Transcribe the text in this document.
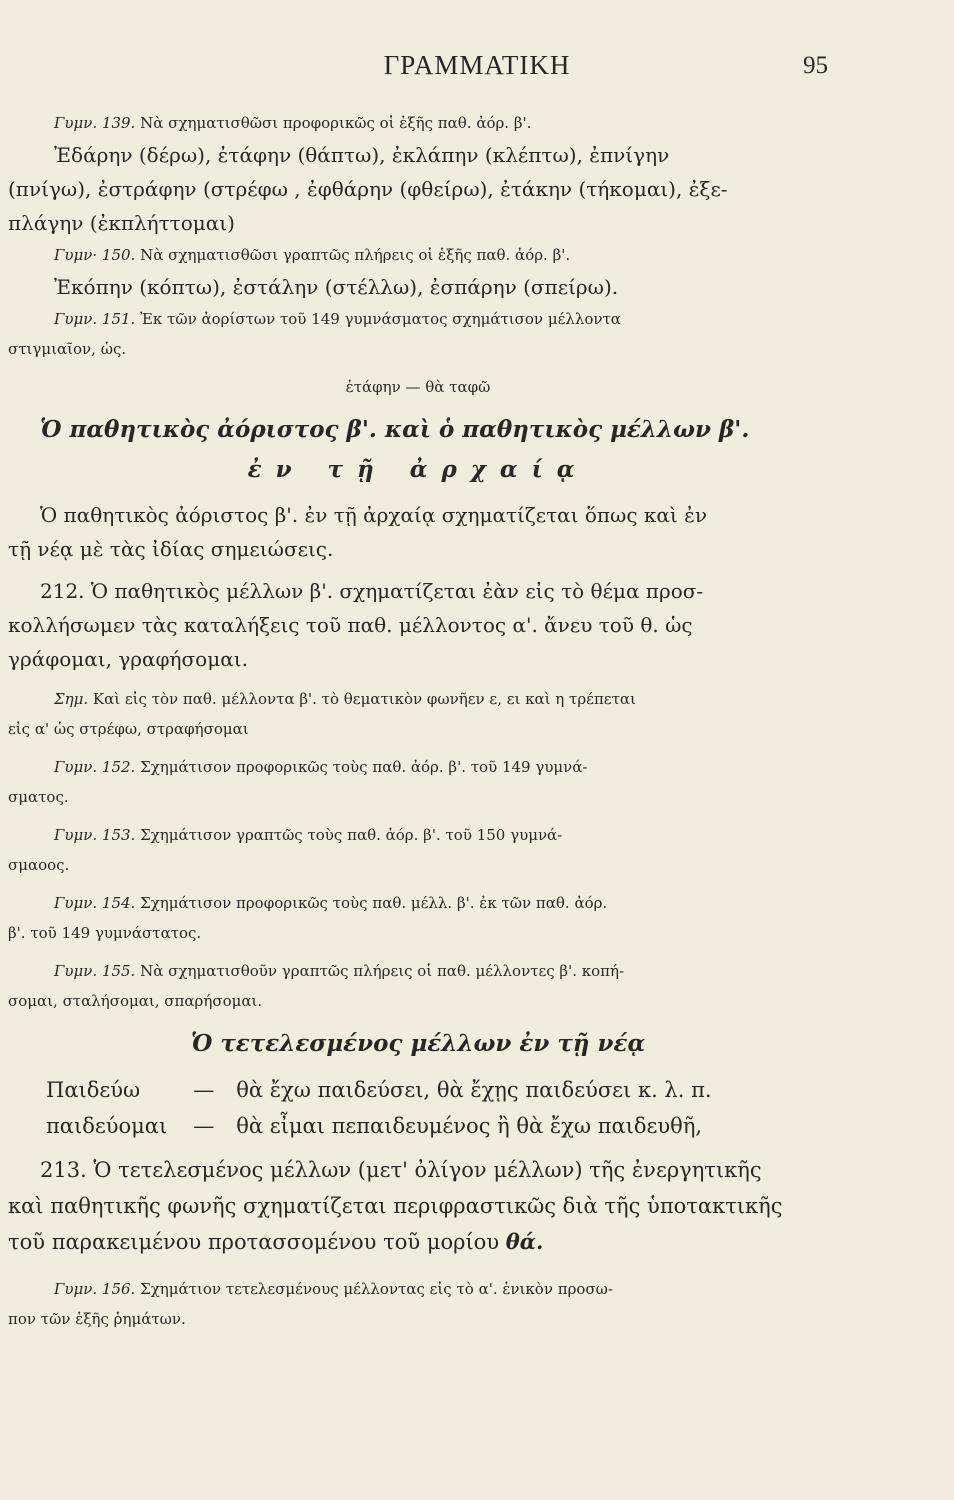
ΓΡΑΜΜΑΤΙΚΗ	95
Γυμν. 139. Νὰ σχηματισθῶσι προφορικῶς οἱ ἑξῆς παθ. ἀόρ. β'.
Ἐδάρην (δέρω), ἐτάφην (θάπτω), ἐκλάπην (κλέπτω), ἐπνίγην
(πνίγω), ἐστράφην (στρέφω , ἐφθάρην (φθείρω), ἐτάκην (τήκομαι), ἐξε-
πλάγην (ἐκπλήττομαι)
Γυμν· 150. Νὰ σχηματισθῶσι γραπτῶς πλήρεις οἱ ἑξῆς παθ. ἀόρ. β'.
Ἐκόπην (κόπτω), ἐστάλην (στέλλω), ἐσπάρην (σπείρω).
Γυμν. 151. Ἐκ τῶν ἀορίστων τοῦ 149 γυμνάσματος σχημάτισον μέλλοντα
στιγμιαῖον, ὡς.
ἐτάφην — θὰ ταφῶ
Ὁ παθητικὸς ἀόριστος β'. καὶ ὁ παθητικὸς μέλλων β'.
ἐν τῇ ἀρχαίᾳ
Ὁ παθητικὸς ἀόριστος β'. ἐν τῇ ἀρχαίᾳ σχηματίζεται ὅπως καὶ ἐν
τῇ νέᾳ μὲ τὰς ἰδίας σημειώσεις.
212. Ὁ παθητικὸς μέλλων β'. σχηματίζεται ἐὰν εἰς τὸ θέμα προσ-
κολλήσωμεν τὰς καταλήξεις τοῦ παθ. μέλλοντος α'. ἄνευ τοῦ θ. ὡς
γράφομαι, γραφήσομαι.
Σημ. Καὶ εἰς τὸν παθ. μέλλοντα β'. τὸ θεματικὸν φωνῆεν ε, ει καὶ η τρέπεται
εἰς α' ὡς στρέφω, στραφήσομαι
Γυμν. 152. Σχημάτισον προφορικῶς τοὺς παθ. ἀόρ. β'. τοῦ 149 γυμνά-
σματος.
Γυμν. 153. Σχημάτισον γραπτῶς τοὺς παθ. ἀόρ. β'. τοῦ 150 γυμνά-
σμαοος.
Γυμν. 154. Σχημάτισον προφορικῶς τοὺς παθ. μέλλ. β'. ἐκ τῶν παθ. ἀόρ.
β'. τοῦ 149 γυμνάστατος.
Γυμν. 155. Νὰ σχηματισθοῦν γραπτῶς πλήρεις οἱ παθ. μέλλοντες β'. κοπή-
σομαι, σταλήσομαι, σπαρήσομαι.
Ὁ τετελεσμένος μέλλων ἐν τῇ νέᾳ
Παιδεύω	—	θὰ ἔχω παιδεύσει, θὰ ἔχῃς παιδεύσει κ. λ. π.
παιδεύομαι	—	θὰ εἶμαι πεπαιδευμένος ἢ θὰ ἔχω παιδευθῆ,
213. Ὁ τετελεσμένος μέλλων (μετ' ὀλίγον μέλλων) τῆς ἐνεργητικῆς
καὶ παθητικῆς φωνῆς σχηματίζεται περιφραστικῶς διὰ τῆς ὑποτακτικῆς
τοῦ παρακειμένου προτασσομένου τοῦ μορίου θά.
Γυμν. 156. Σχημάτιον τετελεσμένους μέλλοντας εἰς τὸ α'. ἑνικὸν προσω-
πον τῶν ἑξῆς ῥημάτων.
